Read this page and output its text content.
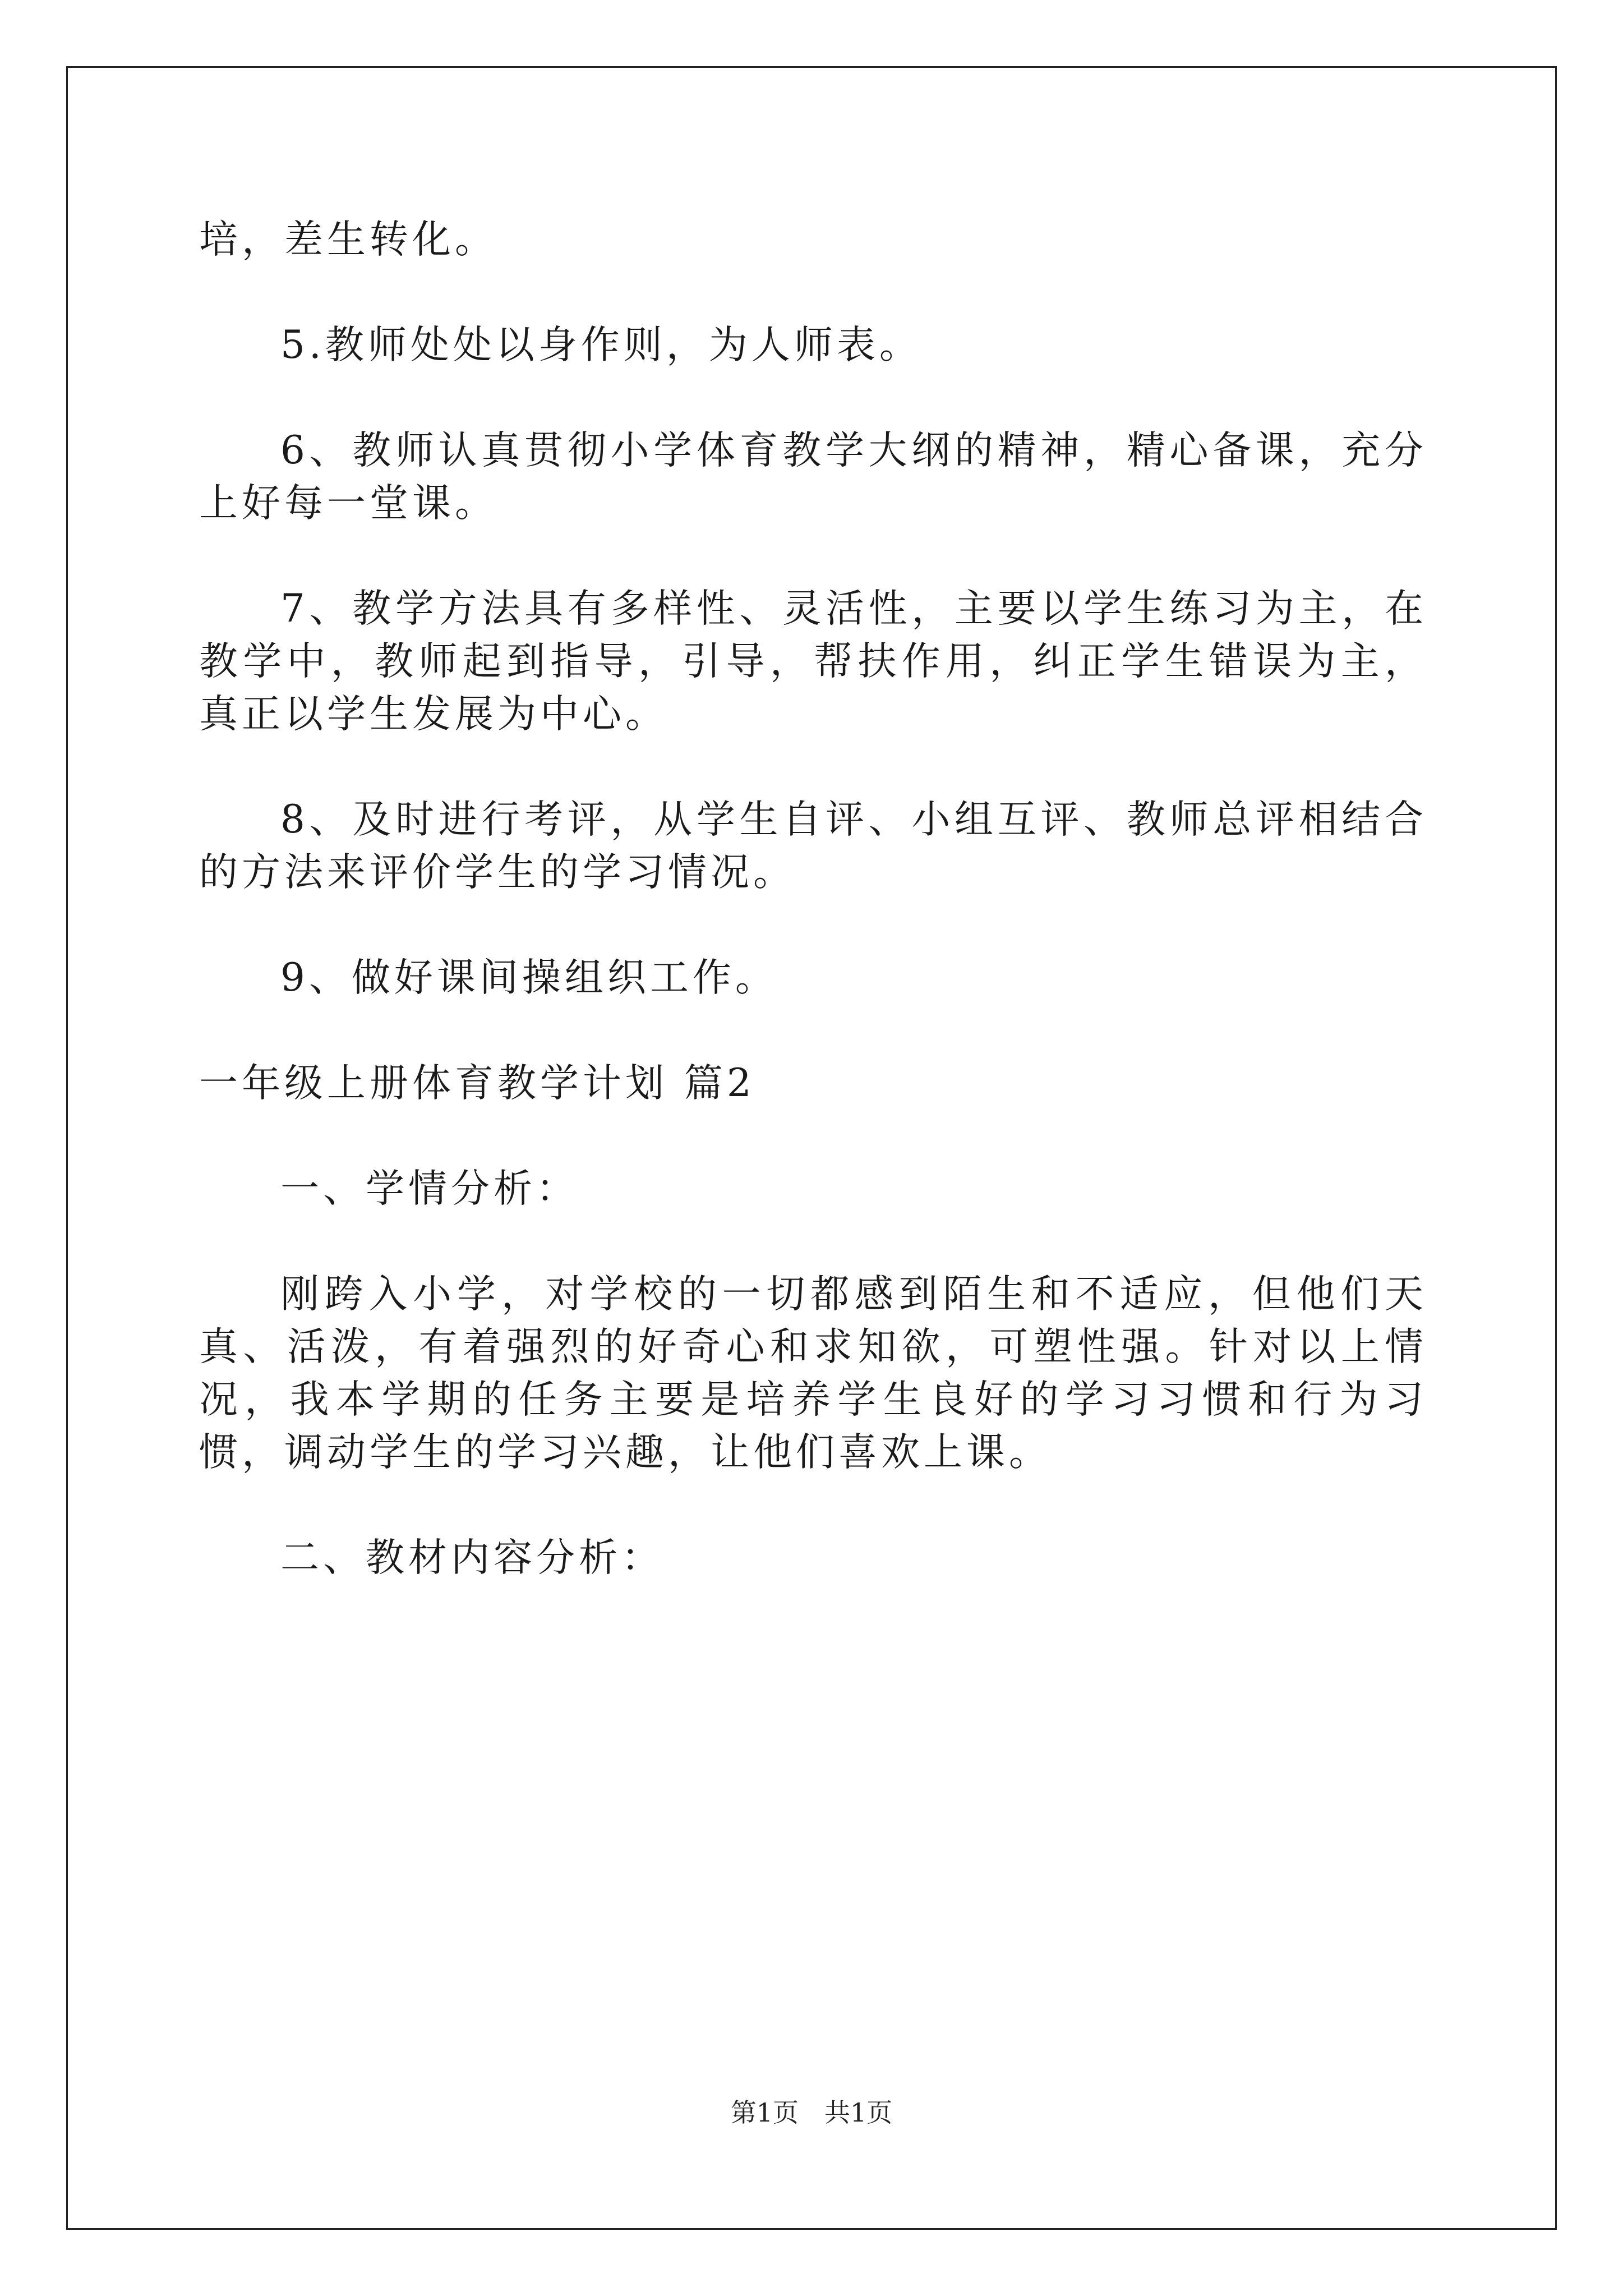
培，差生转化。

5.教师处处以身作则，为人师表。

6、教师认真贯彻小学体育教学大纲的精神，精心备课，充分上好每一堂课。

7、教学方法具有多样性、灵活性，主要以学生练习为主，在教学中，教师起到指导，引导，帮扶作用，纠正学生错误为主，真正以学生发展为中心。

8、及时进行考评，从学生自评、小组互评、教师总评相结合的方法来评价学生的学习情况。

9、做好课间操组织工作。

一年级上册体育教学计划 篇2

一、学情分析：

刚跨入小学，对学校的一切都感到陌生和不适应，但他们天真、活泼，有着强烈的好奇心和求知欲，可塑性强。针对以上情况，我本学期的任务主要是培养学生良好的学习习惯和行为习惯，调动学生的学习兴趣，让他们喜欢上课。

二、教材内容分析：

第1页　共1页
